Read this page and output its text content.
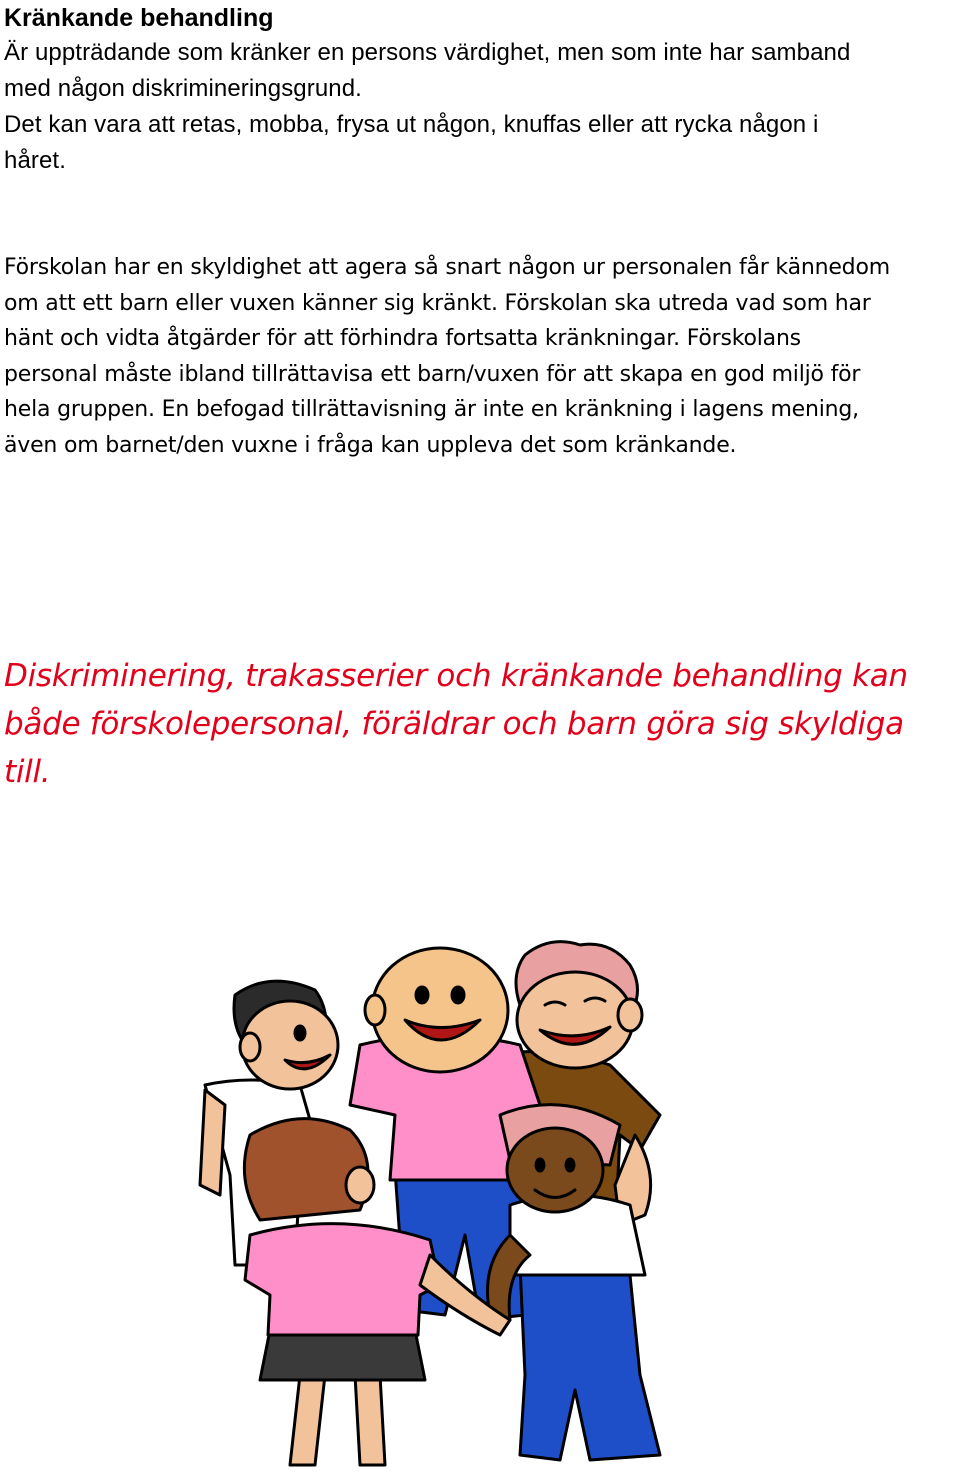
Kränkande behandling

Är uppträdande som kränker en persons värdighet, men som inte har samband
med någon diskrimineringsgrund.
Det kan vara att retas, mobba, frysa ut någon, knuffas eller att rycka någon i
håret.

Förskolan har en skyldighet att agera så snart någon ur personalen får kännedom
om att ett barn eller vuxen känner sig kränkt. Förskolan ska utreda vad som har
hänt och vidta åtgärder för att förhindra fortsatta kränkningar. Förskolans
personal måste ibland tillrättavisa ett barn/vuxen för att skapa en god miljö för
hela gruppen. En befogad tillrättavisning är inte en kränkning i lagens mening,
även om barnet/den vuxne i fråga kan uppleva det som kränkande.

Diskriminering, trakasserier och kränkande behandling kan
både förskolepersonal, föräldrar och barn göra sig skyldiga
till.
